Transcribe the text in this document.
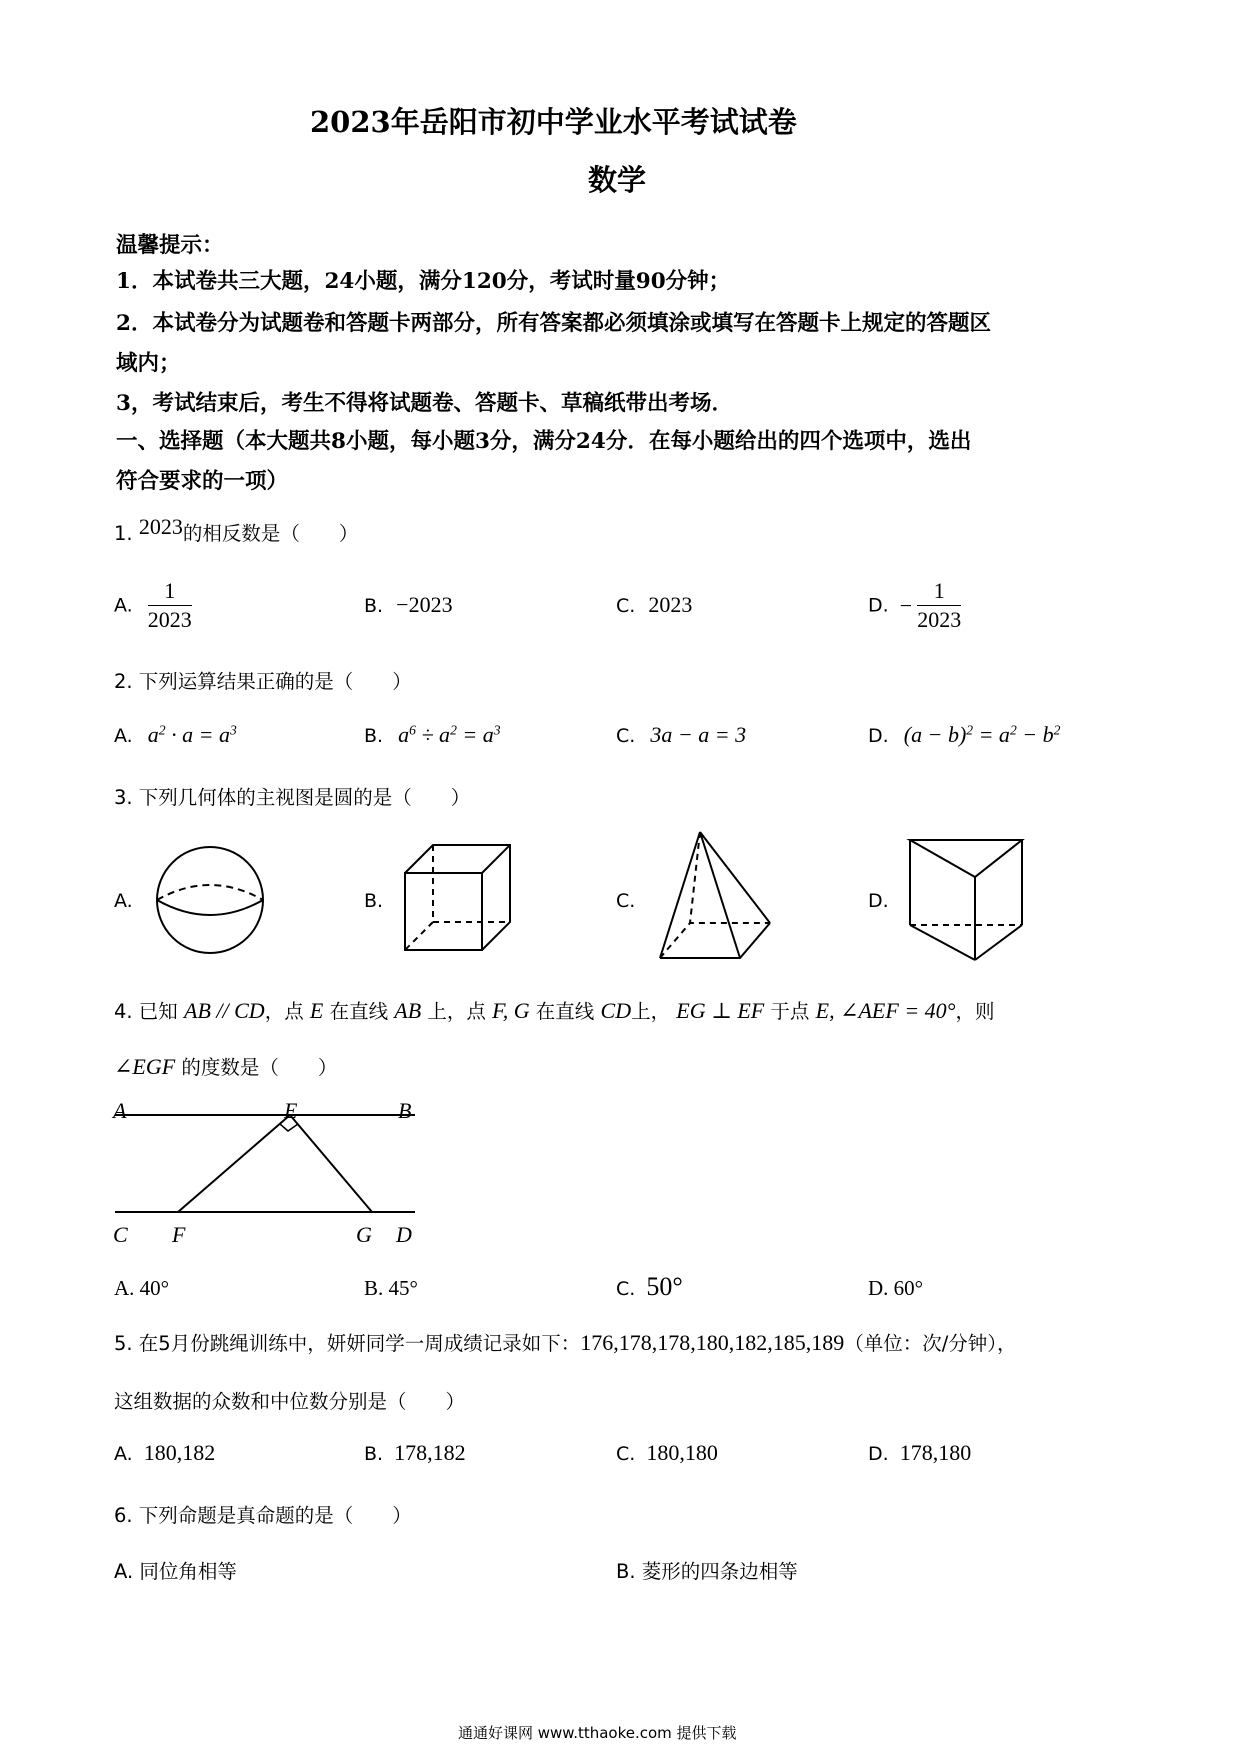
2023年岳阳市初中学业水平考试试卷
数学
温馨提示：
1．本试卷共三大题，24小题，满分120分，考试时量90分钟；
2．本试卷分为试题卷和答题卡两部分，所有答案都必须填涂或填写在答题卡上规定的答题区
域内；
3，考试结束后，考生不得将试题卷、答题卡、草稿纸带出考场．
一、选择题（本大题共8小题，每小题3分，满分24分．在每小题给出的四个选项中，选出
符合要求的一项）
1. 2023的相反数是（　　）
A. $\frac{1}{2023}$	B. −2023	C. 2023	D. − $\frac{1}{2023}$
2. 下列运算结果正确的是（　　）
A. $a^2 \cdot a = a^3$	B. $a^6 \div a^2 = a^3$	C. 3a − a = 3	D. $(a - b)^2 = a^2 - b^2$
3. 下列几何体的主视图是圆的是（　　）
A.	B.	C.	D.
4. 已知 AB // CD，点 E 在直线 AB 上，点 F, G 在直线 CD上， EG ⊥ EF 于点 E, ∠AEF = 40°，则
∠EGF 的度数是（　　）
A	E	B
C F	G D
A. 40°	B. 45°	C. 50°	D. 60°
5. 在5月份跳绳训练中，妍妍同学一周成绩记录如下：176,178,178,180,182,185,189（单位：次/分钟），
这组数据的众数和中位数分别是（　　）
A. 180,182	B. 178,182	C. 180,180	D. 178,180
6. 下列命题是真命题的是（　　）
A. 同位角相等	B. 菱形的四条边相等
通通好课网 www.tthaoke.com 提供下载
